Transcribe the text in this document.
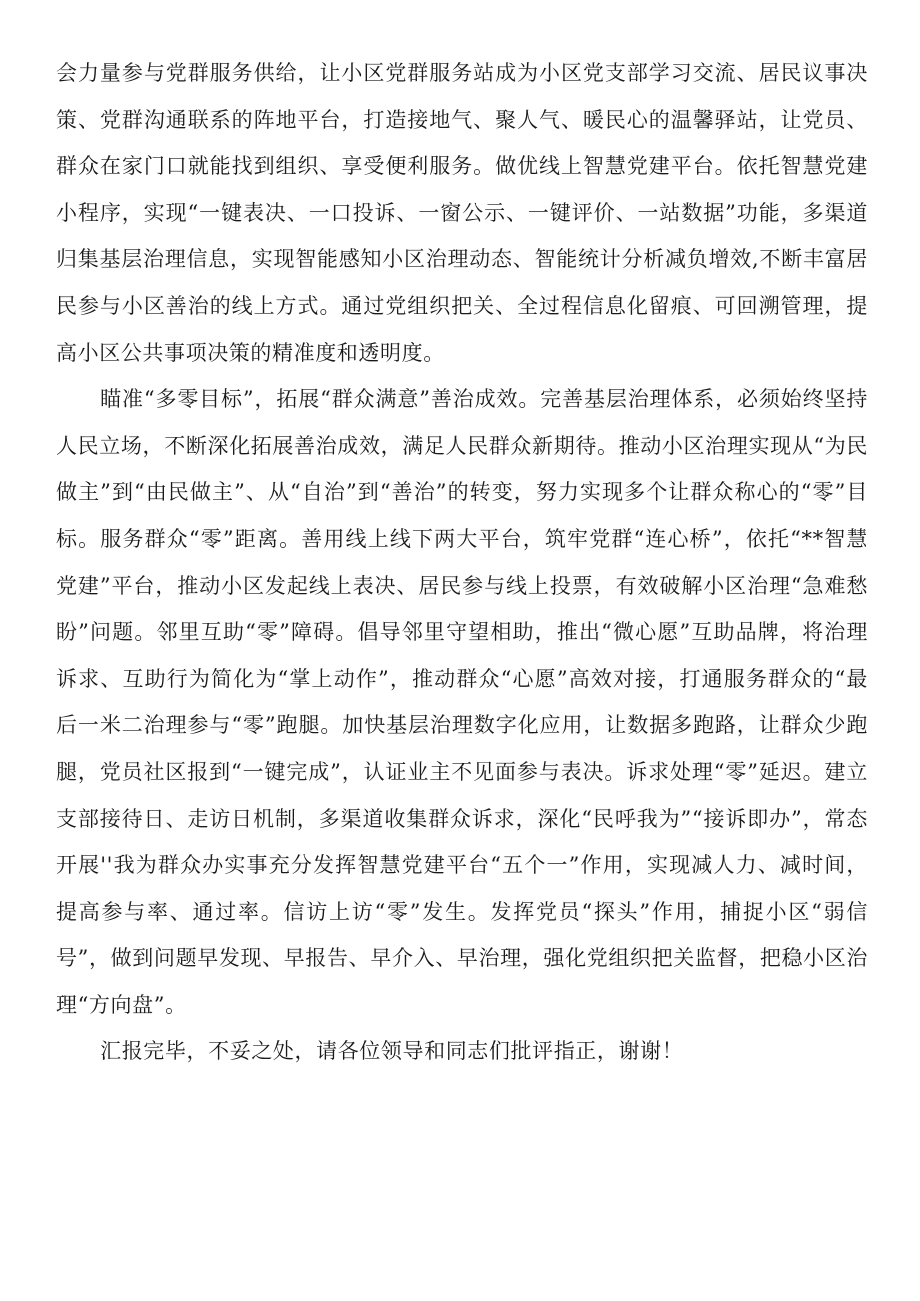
会力量参与党群服务供给，让小区党群服务站成为小区党支部学习交流、居民议事决策、党群沟通联系的阵地平台，打造接地气、聚人气、暖民心的温馨驿站，让党员、群众在家门口就能找到组织、享受便利服务。做优线上智慧党建平台。依托智慧党建小程序，实现“一键表决、一口投诉、一窗公示、一键评价、一站数据”功能，多渠道归集基层治理信息，实现智能感知小区治理动态、智能统计分析减负增效,不断丰富居民参与小区善治的线上方式。通过党组织把关、全过程信息化留痕、可回溯管理，提高小区公共事项决策的精准度和透明度。

瞄准“多零目标”，拓展“群众满意”善治成效。完善基层治理体系，必须始终坚持人民立场，不断深化拓展善治成效，满足人民群众新期待。推动小区治理实现从“为民做主”到“由民做主”、从“自治”到“善治”的转变，努力实现多个让群众称心的“零”目标。服务群众“零”距离。善用线上线下两大平台，筑牢党群“连心桥”，依托“**智慧党建”平台，推动小区发起线上表决、居民参与线上投票，有效破解小区治理“急难愁盼”问题。邻里互助“零”障碍。倡导邻里守望相助，推出“微心愿”互助品牌，将治理诉求、互助行为简化为“掌上动作”，推动群众“心愿”高效对接，打通服务群众的“最后一米二治理参与“零”跑腿。加快基层治理数字化应用，让数据多跑路，让群众少跑腿，党员社区报到“一键完成”，认证业主不见面参与表决。诉求处理“零”延迟。建立支部接待日、走访日机制，多渠道收集群众诉求，深化“民呼我为”“接诉即办”，常态开展''我为群众办实事充分发挥智慧党建平台“五个一”作用，实现减人力、减时间，提高参与率、通过率。信访上访“零”发生。发挥党员“探头”作用，捕捉小区“弱信号”，做到问题早发现、早报告、早介入、早治理，强化党组织把关监督，把稳小区治理“方向盘”。

汇报完毕，不妥之处，请各位领导和同志们批评指正，谢谢！
